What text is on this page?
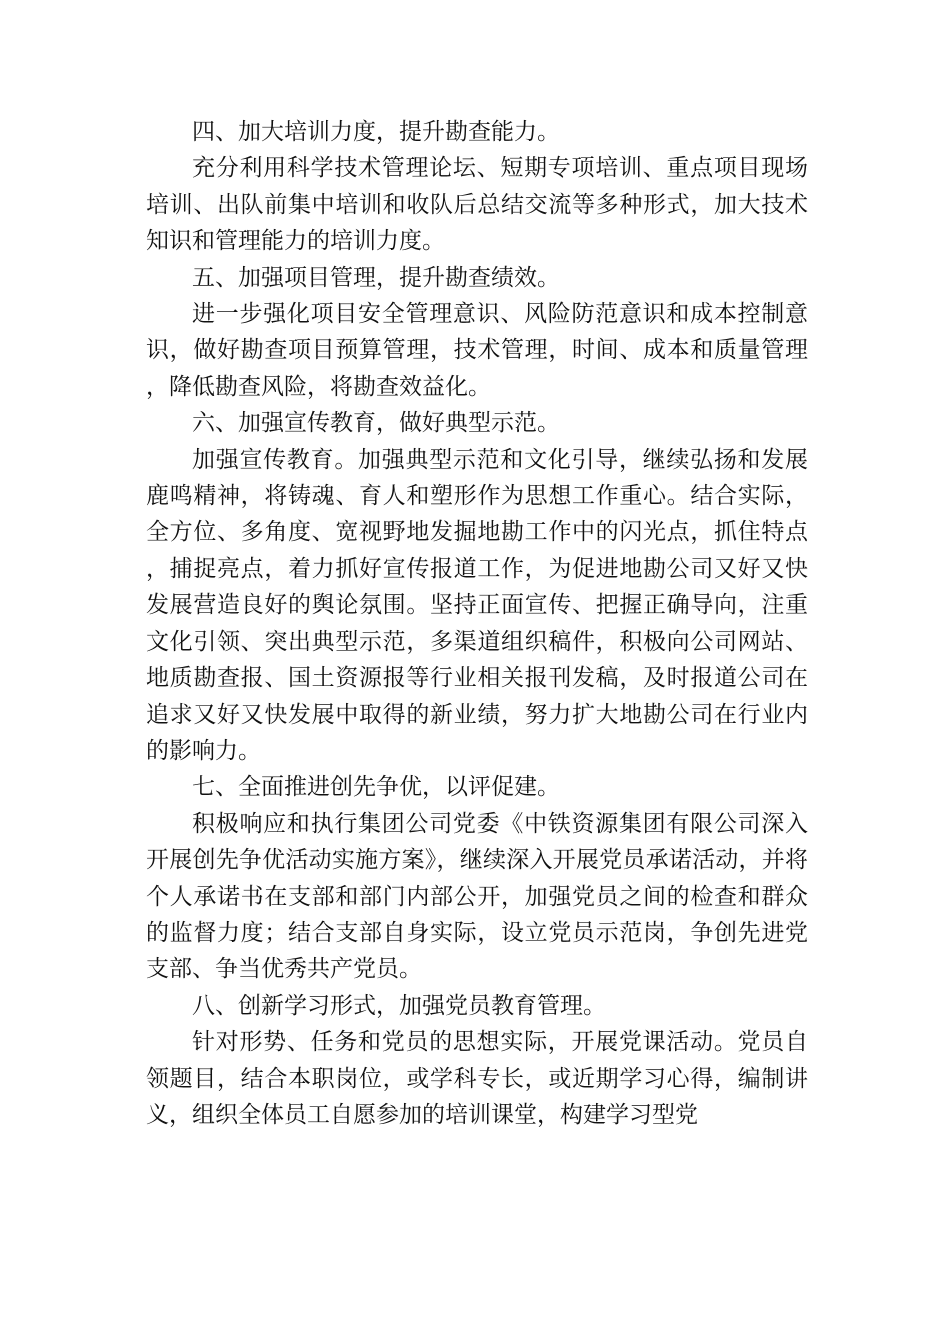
四、加大培训力度，提升勘查能力。

充分利用科学技术管理论坛、短期专项培训、重点项目现场培训、出队前集中培训和收队后总结交流等多种形式，加大技术知识和管理能力的培训力度。

五、加强项目管理，提升勘查绩效。

进一步强化项目安全管理意识、风险防范意识和成本控制意识，做好勘查项目预算管理，技术管理，时间、成本和质量管理，降低勘查风险，将勘查效益化。

六、加强宣传教育，做好典型示范。

加强宣传教育。加强典型示范和文化引导，继续弘扬和发展鹿鸣精神，将铸魂、育人和塑形作为思想工作重心。结合实际，全方位、多角度、宽视野地发掘地勘工作中的闪光点，抓住特点，捕捉亮点，着力抓好宣传报道工作，为促进地勘公司又好又快发展营造良好的舆论氛围。坚持正面宣传、把握正确导向，注重文化引领、突出典型示范，多渠道组织稿件，积极向公司网站、地质勘查报、国土资源报等行业相关报刊发稿，及时报道公司在追求又好又快发展中取得的新业绩，努力扩大地勘公司在行业内的影响力。

七、全面推进创先争优，以评促建。

积极响应和执行集团公司党委《中铁资源集团有限公司深入开展创先争优活动实施方案》，继续深入开展党员承诺活动，并将个人承诺书在支部和部门内部公开，加强党员之间的检查和群众的监督力度；结合支部自身实际，设立党员示范岗，争创先进党支部、争当优秀共产党员。

八、创新学习形式，加强党员教育管理。

针对形势、任务和党员的思想实际，开展党课活动。党员自领题目，结合本职岗位，或学科专长，或近期学习心得，编制讲义，组织全体员工自愿参加的培训课堂，构建学习型党
